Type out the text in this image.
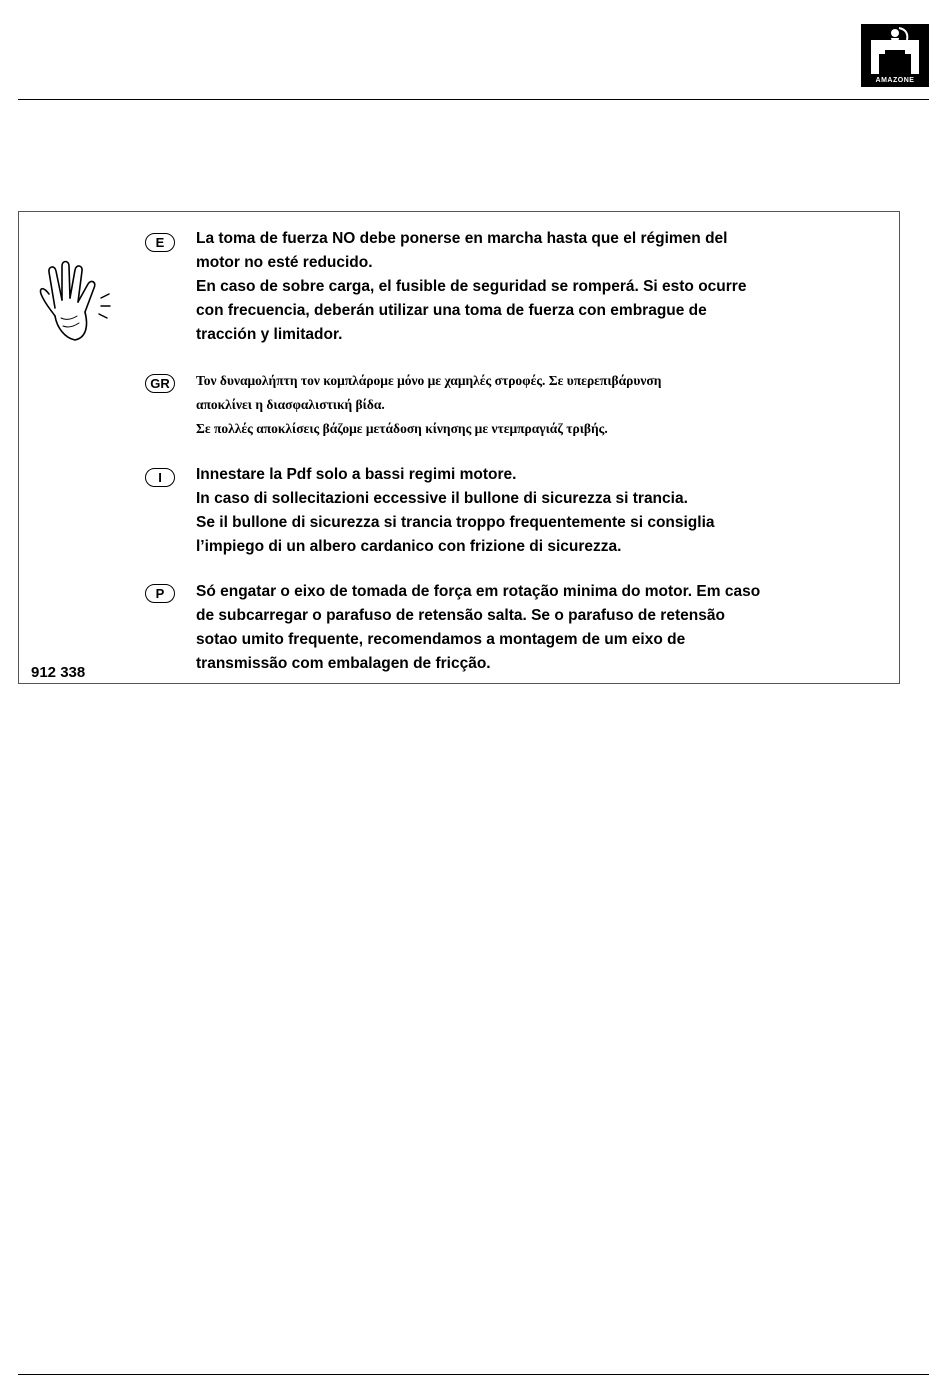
AMAZONE
E	La toma de fuerza NO debe ponerse en marcha hasta que el régimen del
motor no esté reducido.
En caso de sobre carga, el fusible de seguridad se romperá. Si esto ocurre
con frecuencia, deberán utilizar una toma de fuerza con embrague de
tracción y limitador.
GR	Τον δυναμολήπτη τον κομπλάρομε μόνο με χαμηλές στροφές. Σε υπερεπιβάρυνση
αποκλίνει η διασφαλιστική βίδα.
Σε πολλές αποκλίσεις βάζομε μετάδοση κίνησης με ντεμπραγιάζ τριβής.
I	Innestare la Pdf solo a bassi regimi motore.
In caso di sollecitazioni eccessive il bullone di sicurezza si trancia.
Se il bullone di sicurezza si trancia troppo frequentemente si consiglia
l’impiego di un albero cardanico con frizione di sicurezza.
P	Só engatar o eixo de tomada de força em rotação minima do motor. Em caso
de subcarregar o parafuso de retensão salta. Se o parafuso de retensão
sotao umito frequente, recomendamos a montagem de um eixo de
transmissão com embalagen de fricção.
912 338
